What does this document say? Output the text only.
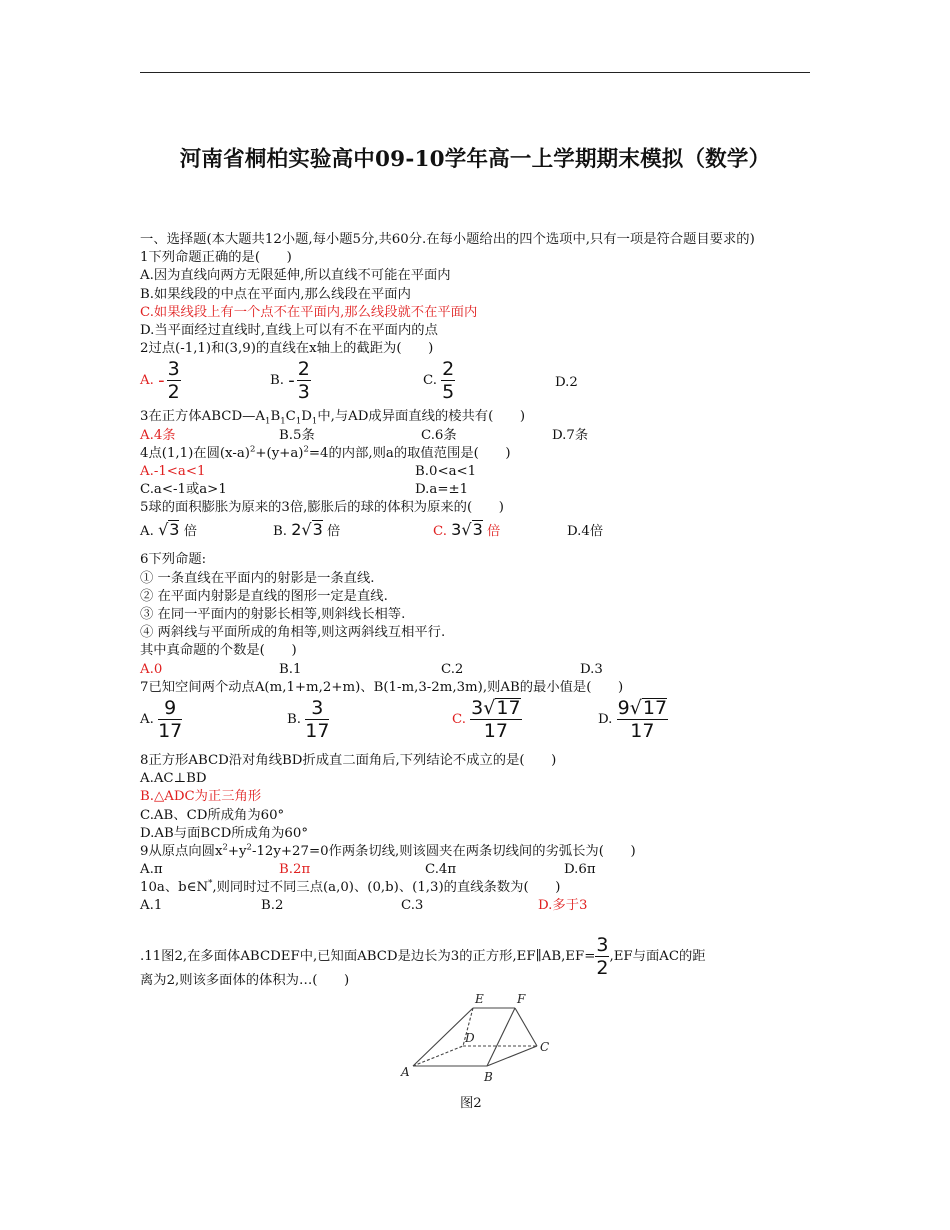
河南省桐柏实验高中09-10学年高一上学期期末模拟（数学）
一、选择题(本大题共12小题,每小题5分,共60分.在每小题给出的四个选项中,只有一项是符合题目要求的)
1下列命题正确的是(　　)
A.因为直线向两方无限延伸,所以直线不可能在平面内
B.如果线段的中点在平面内,那么线段在平面内
C.如果线段上有一个点不在平面内,那么线段就不在平面内
D.当平面经过直线时,直线上可以有不在平面内的点
2过点(-1,1)和(3,9)的直线在x轴上的截距为(　　)
A. - $\frac{3}{2}$	B. - $\frac{2}{3}$	C. $\frac{2}{5}$	D.2
3在正方体$ABCD—A_1B_1C_1D_1$中,与AD成异面直线的棱共有(　　)
A.4条	B.5条	C.6条	D.7条
4点(1,1)在圆$(x-a)^2+(y+a)^2=4$的内部,则a的取值范围是(　　)
A.-1<a<1	B.0<a<1
C.a<-1或a>1	D.a=±1
5球的面积膨胀为原来的3倍,膨胀后的球的体积为原来的(　　)
A. √3 倍	B. 2√3 倍	C. 3√3 倍	D.4倍
6下列命题:
① 一条直线在平面内的射影是一条直线.
② 在平面内射影是直线的图形一定是直线.
③ 在同一平面内的射影长相等,则斜线长相等.
④ 两斜线与平面所成的角相等,则这两斜线互相平行.
其中真命题的个数是(　　)
A.0	B.1	C.2	D.3
7已知空间两个动点A(m,1+m,2+m)、B(1-m,3-2m,3m),则AB的最小值是(　　)
A. $\frac{9}{17}$	B. $\frac{3}{17}$	C. $\frac{3√17}{17}$	D. $\frac{9√17}{17}$
8正方形ABCD沿对角线BD折成直二面角后,下列结论不成立的是(　　)
A.AC⊥BD
B.△ADC为正三角形
C.AB、CD所成角为60°
D.AB与面BCD所成角为60°
9从原点向圆$x^2+y^2-12y+27=0$作两条切线,则该圆夹在两条切线间的劣弧长为(　　)
A.π	B.2π	C.4π	D.6π
10a、b∈N*,则同时过不同三点(a,0)、(0,b)、(1,3)的直线条数为(　　)
A.1	B.2	C.3	D.多于3
.11图2,在多面体ABCDEF中,已知面ABCD是边长为3的正方形,EF∥AB,EF= $\frac{3}{2} ,EF$与面AC的距
离为2,则该多面体的体积为…(　　)
E	F
D
C
A	B
图2
